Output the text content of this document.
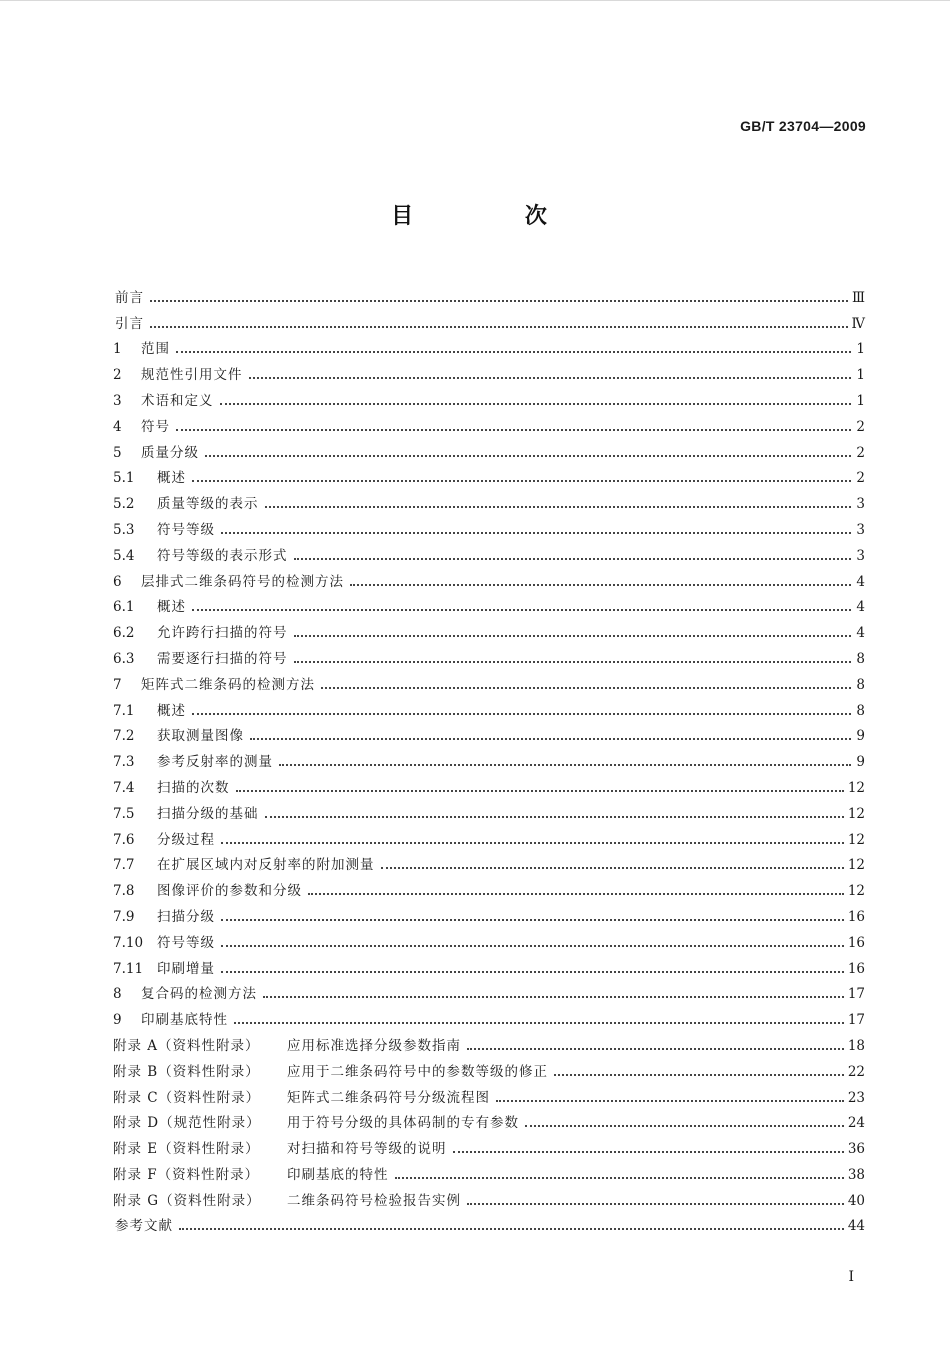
GB/T 23704—2009
目 次
前言	Ⅲ
引言	Ⅳ
1	范围	1
2	规范性引用文件	1
3	术语和定义	1
4	符号	2
5	质量分级	2
5.1	概述	2
5.2	质量等级的表示	3
5.3	符号等级	3
5.4	符号等级的表示形式	3
6	层排式二维条码符号的检测方法	4
6.1	概述	4
6.2	允许跨行扫描的符号	4
6.3	需要逐行扫描的符号	8
7	矩阵式二维条码的检测方法	8
7.1	概述	8
7.2	获取测量图像	9
7.3	参考反射率的测量	9
7.4	扫描的次数	12
7.5	扫描分级的基础	12
7.6	分级过程	12
7.7	在扩展区域内对反射率的附加测量	12
7.8	图像评价的参数和分级	12
7.9	扫描分级	16
7.10	符号等级	16
7.11	印刷增量	16
8	复合码的检测方法	17
9	印刷基底特性	17
附录 A（资料性附录）	应用标准选择分级参数指南	18
附录 B（资料性附录）	应用于二维条码符号中的参数等级的修正	22
附录 C（资料性附录）	矩阵式二维条码符号分级流程图	23
附录 D（规范性附录）	用于符号分级的具体码制的专有参数	24
附录 E（资料性附录）	对扫描和符号等级的说明	36
附录 F（资料性附录）	印刷基底的特性	38
附录 G（资料性附录）	二维条码符号检验报告实例	40
参考文献	44
I
